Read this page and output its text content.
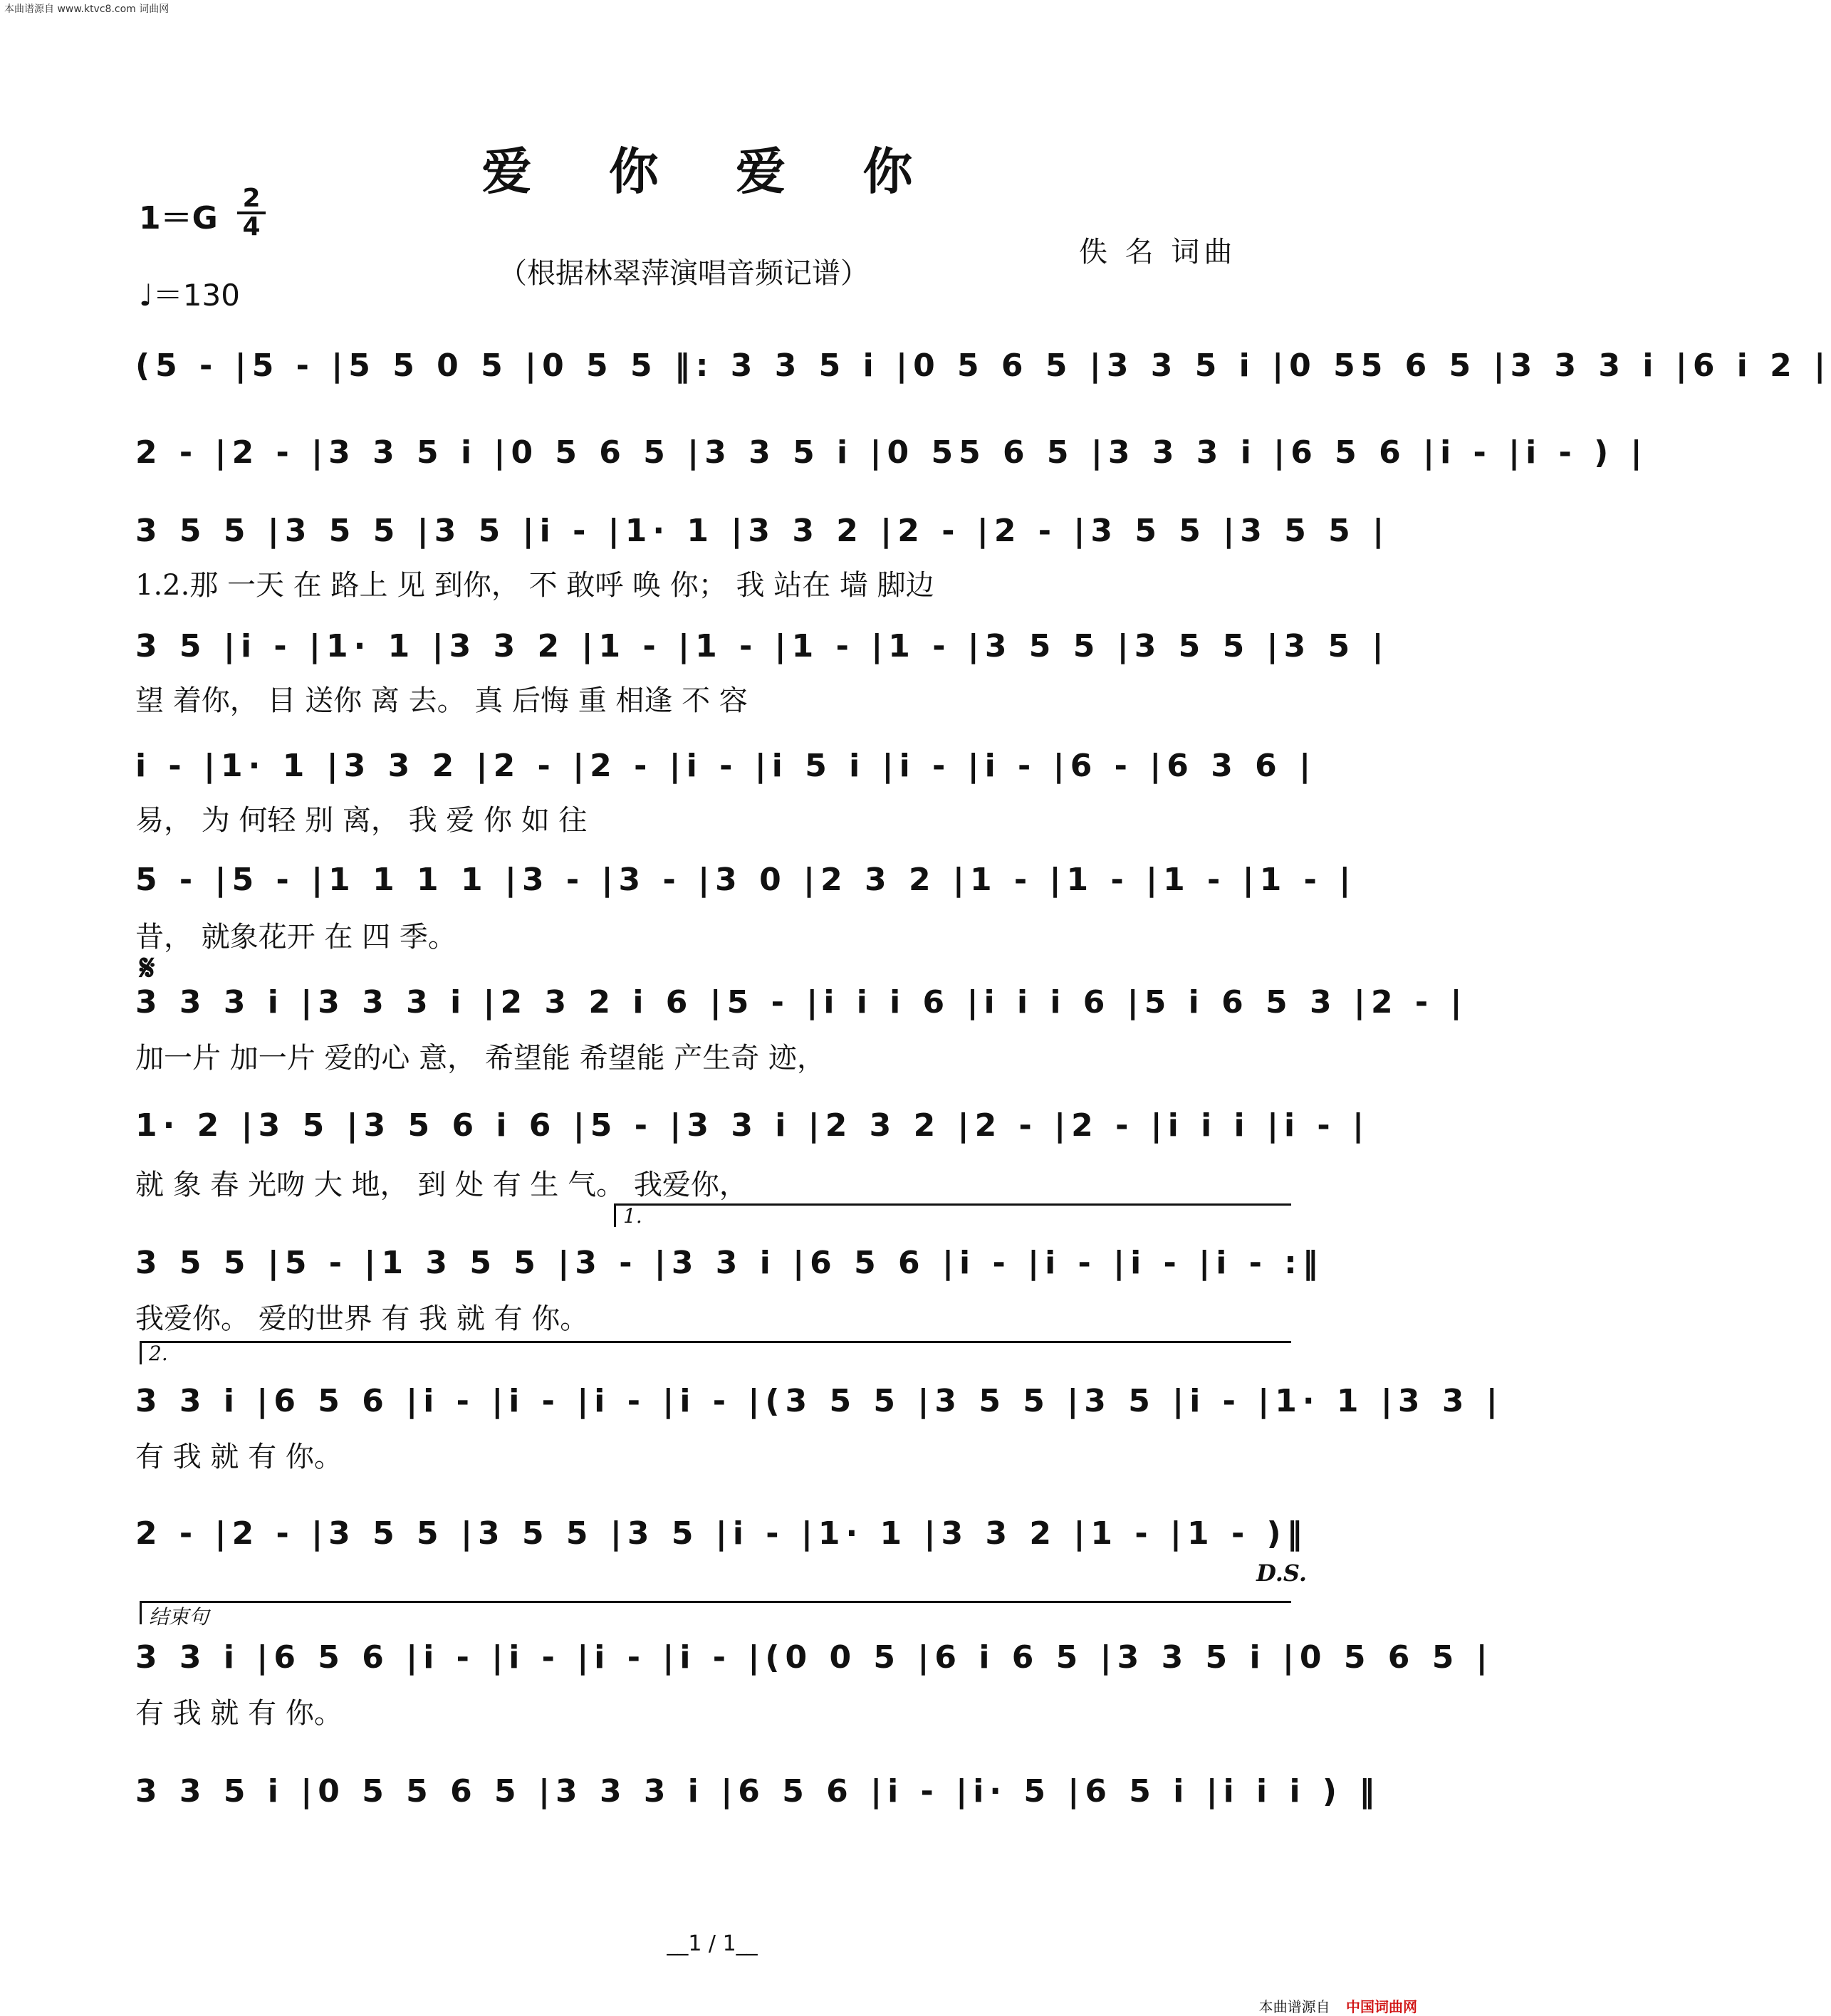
本曲谱源自 www.ktvc8.com 词曲网
爱 你 爱 你
1＝G
2
4
♩＝130
（根据林翠萍演唱音频记谱）
佚 名 词曲
(5 - |5 - |5 5 0 5 |0 5 5 ‖: 3 3 5 i |0 5 6 5 |3 3 5 i |0 55 6 5 |3 3 3 i |6 i 2 |
2 - |2 - |3 3 5 i |0 5 6 5 |3 3 5 i |0 55 6 5 |3 3 3 i |6 5 6 |i - |i - ) |
3 5 5 |3 5 5 |3 5 |i - |1· 1 |3 3 2 |2 - |2 - |3 5 5 |3 5 5 |
1.2.那 一天 在 路上 见 到你， 不 敢呼 唤 你； 我 站在 墙 脚边
3 5 |i - |1· 1 |3 3 2 |1 - |1 - |1 - |1 - |3 5 5 |3 5 5 |3 5 |
望 着你， 目 送你 离 去。 真 后悔 重 相逢 不 容
i - |1· 1 |3 3 2 |2 - |2 - |i - |i 5 i |i - |i - |6 - |6 3 6 |
易， 为 何轻 别 离， 我 爱 你 如 往
5 - |5 - |1 1 1 1 |3 - |3 - |3 0 |2 3 2 |1 - |1 - |1 - |1 - |
昔， 就象花开 在 四 季。
𝄋
3 3 3 i |3 3 3 i |2 3 2 i 6 |5 - |i i i 6 |i i i 6 |5 i 6 5 3 |2 - |
加一片 加一片 爱的心 意， 希望能 希望能 产生奇 迹，
1· 2 |3 5 |3 5 6 i 6 |5 - |3 3 i |2 3 2 |2 - |2 - |i i i |i - |
就 象 春 光吻 大 地， 到 处 有 生 气。 我爱你，
1.
3 5 5 |5 - |1 3 5 5 |3 - |3 3 i |6 5 6 |i - |i - |i - |i - :‖
我爱你。 爱的世界 有 我 就 有 你。
2.
3 3 i |6 5 6 |i - |i - |i - |i - |(3 5 5 |3 5 5 |3 5 |i - |1· 1 |3 3 |
有 我 就 有 你。
2 - |2 - |3 5 5 |3 5 5 |3 5 |i - |1· 1 |3 3 2 |1 - |1 - )‖
D.S.
结束句
3 3 i |6 5 6 |i - |i - |i - |i - |(0 0 5 |6 i 6 5 |3 3 5 i |0 5 6 5 |
有 我 就 有 你。
3 3 5 i |0 5 5 6 5 |3 3 3 i |6 5 6 |i - |i· 5 |6 5 i |i i i ) ‖
__1 / 1__
本曲谱源自 中国词曲网
